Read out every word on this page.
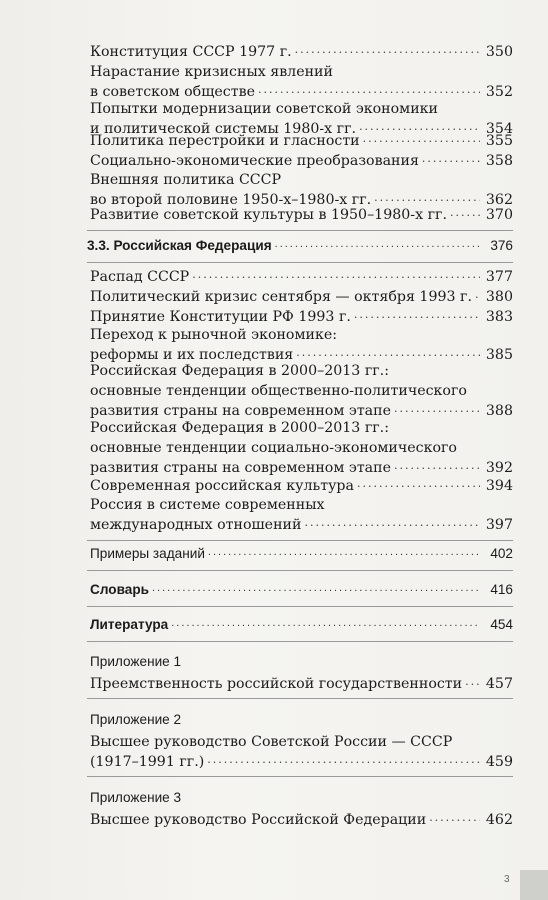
Конституция СССР 1977 г. .....	350
Нарастание кризисных явлений
в советском обществе .....	352
Попытки модернизации советской экономики
и политической системы 1980-х гг. .....	354
Политика перестройки и гласности .....	355
Социально-экономические преобразования .....	358
Внешняя политика СССР
во второй половине 1950-х–1980-х гг. .....	362
Развитие советской культуры в 1950–1980-х гг. .....	370
3.3. Российская Федерация .....	376
Распад СССР .....	377
Политический кризис сентября — октября 1993 г. ..... 380
Принятие Конституции РФ 1993 г. .....	383
Переход к рыночной экономике:
реформы и их последствия .....	385
Российская Федерация в 2000–2013 гг.:
основные тенденции общественно-политического
развития страны на современном этапе .....	388
Российская Федерация в 2000–2013 гг.:
основные тенденции социально-экономического
развития страны на современном этапе .....	392
Современная российская культура .....	394
Россия в системе современных
международных отношений .....	397
Примеры заданий .....	402
Словарь .....	416
Литература .....	454
Приложение 1
Преемственность российской государственности ..... 457
Приложение 2
Высшее руководство Советской России — СССР
(1917–1991 гг.) .....	459
Приложение 3
Высшее руководство Российской Федерации .....	462
3
